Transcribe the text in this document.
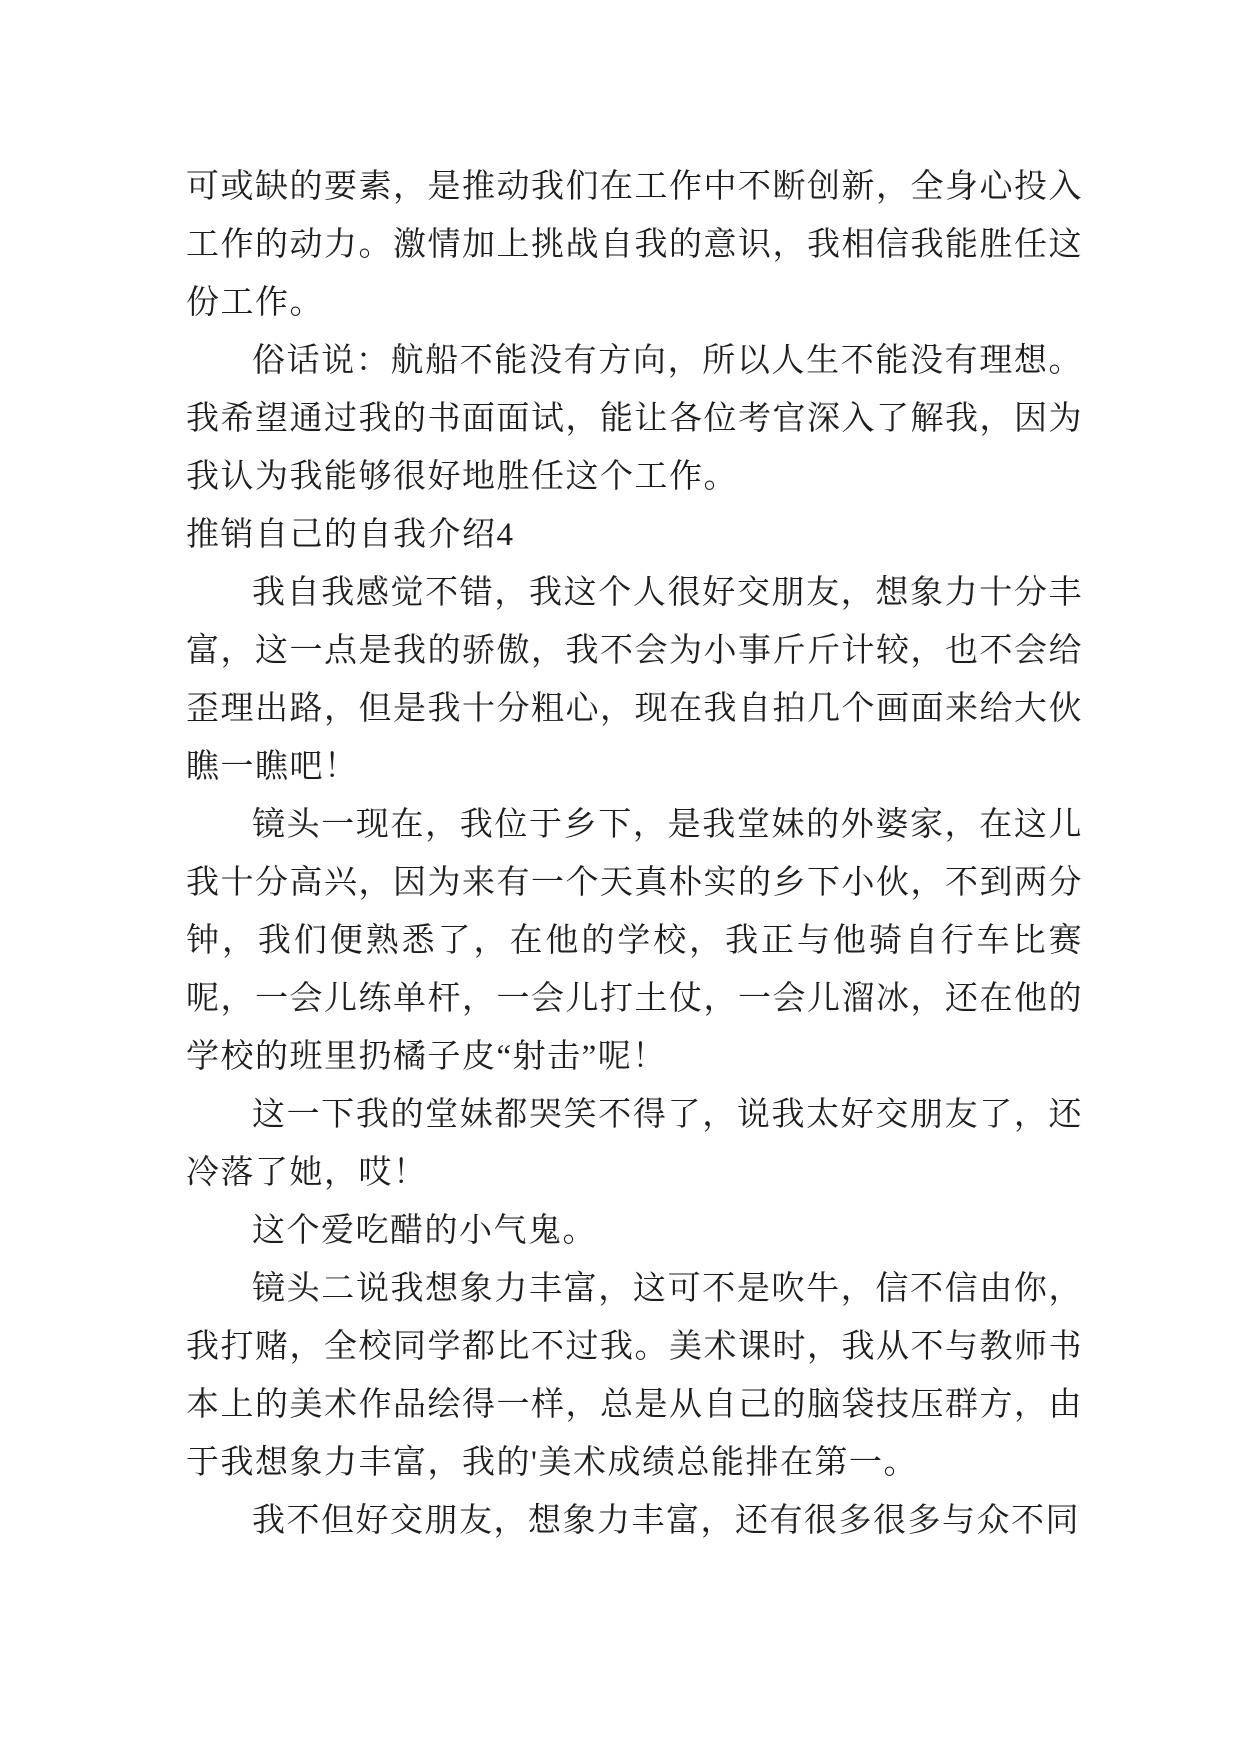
可或缺的要素，是推动我们在工作中不断创新，全身心投入工作的动力。激情加上挑战自我的意识，我相信我能胜任这份工作。

俗话说：航船不能没有方向，所以人生不能没有理想。我希望通过我的书面面试，能让各位考官深入了解我，因为我认为我能够很好地胜任这个工作。

推销自己的自我介绍4

我自我感觉不错，我这个人很好交朋友，想象力十分丰富，这一点是我的骄傲，我不会为小事斤斤计较，也不会给歪理出路，但是我十分粗心，现在我自拍几个画面来给大伙瞧一瞧吧！

镜头一现在，我位于乡下，是我堂妹的外婆家，在这儿我十分高兴，因为来有一个天真朴实的乡下小伙，不到两分钟，我们便熟悉了，在他的学校，我正与他骑自行车比赛呢，一会儿练单杆，一会儿打土仗，一会儿溜冰，还在他的学校的班里扔橘子皮“射击”呢！

这一下我的堂妹都哭笑不得了，说我太好交朋友了，还冷落了她，哎！

这个爱吃醋的小气鬼。

镜头二说我想象力丰富，这可不是吹牛，信不信由你，我打赌，全校同学都比不过我。美术课时，我从不与教师书本上的美术作品绘得一样，总是从自己的脑袋技压群方，由于我想象力丰富，我的'美术成绩总能排在第一。

我不但好交朋友，想象力丰富，还有很多很多与众不同
